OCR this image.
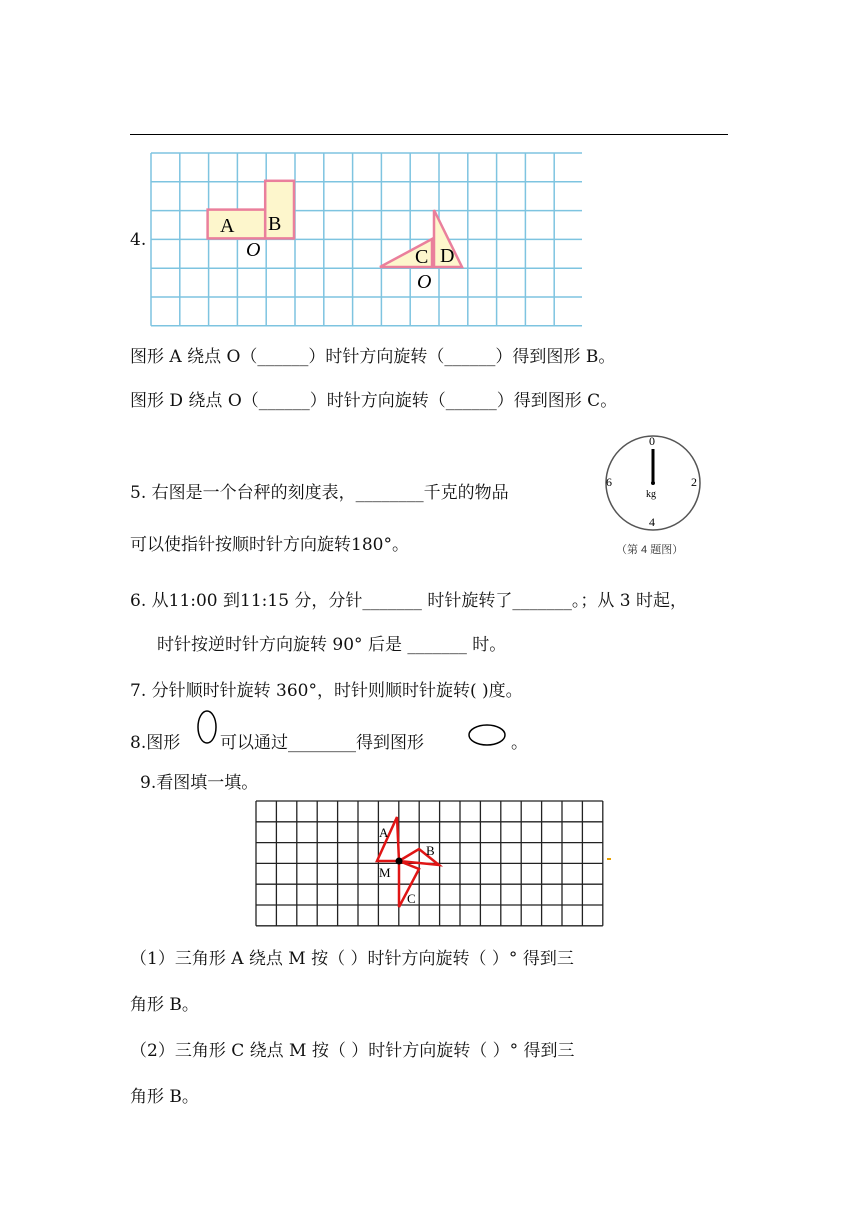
4.
A B
O	C D
O
图形 A 绕点 O（______）时针方向旋转（______）得到图形 B。
图形 D 绕点 O（______）时针方向旋转（______）得到图形 C。
5. 右图是一个台秤的刻度表，________千克的物品
可以使指针按顺时针方向旋转180°。
0
2
4
6
kg
（第 4 题图）
6. 从11:00 到11:15 分，分针_______ 时针旋转了_______。；从 3 时起，
时针按逆时针方向旋转 90° 后是 _______ 时。
7. 分针顺时针旋转 360°，时针则顺时针旋转( )度。
8.图形 可以通过________得到图形	。
9.看图填一填。
A
B
M
C
（1）三角形 A 绕点 M 按（ ）时针方向旋转（ ）° 得到三
角形 B。
（2）三角形 C 绕点 M 按（ ）时针方向旋转（ ）° 得到三
角形 B。
